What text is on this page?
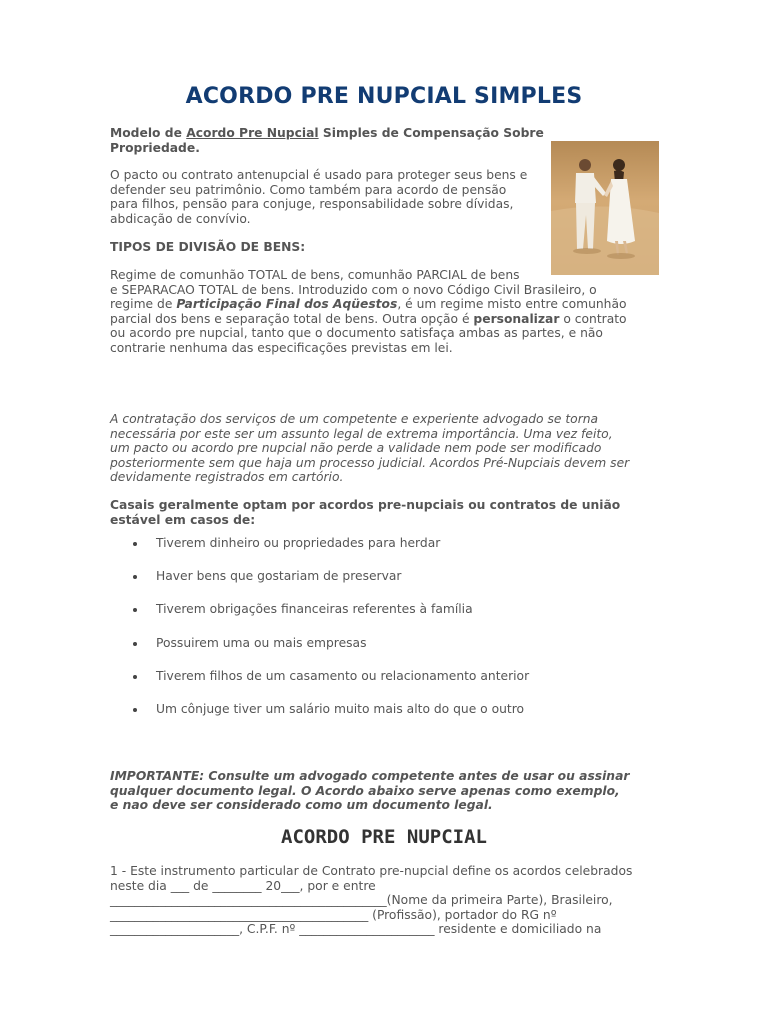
ACORDO PRE NUPCIAL SIMPLES
Modelo de Acordo Pre Nupcial Simples de Compensação Sobre
Propriedade.
O pacto ou contrato antenupcial é usado para proteger seus bens e
defender seu patrimônio. Como também para acordo de pensão
para filhos, pensão para conjuge, responsabilidade sobre dívidas,
abdicação de convívio.
TIPOS DE DIVISÃO DE BENS:
Regime de comunhão TOTAL de bens, comunhão PARCIAL de bens
e SEPARACAO TOTAL de bens. Introduzido com o novo Código Civil Brasileiro, o
regime de Participação Final dos Aqüestos, é um regime misto entre comunhão
parcial dos bens e separação total de bens. Outra opção é personalizar o contrato
ou acordo pre nupcial, tanto que o documento satisfaça ambas as partes, e não
contrarie nenhuma das especificações previstas em lei.
A contratação dos serviços de um competente e experiente advogado se torna
necessária por este ser um assunto legal de extrema importância. Uma vez feito,
um pacto ou acordo pre nupcial não perde a validade nem pode ser modificado
posteriormente sem que haja um processo judicial. Acordos Pré-Nupciais devem ser
devidamente registrados em cartório.
Casais geralmente optam por acordos pre-nupciais ou contratos de união
estável em casos de:
Tiverem dinheiro ou propriedades para herdar
Haver bens que gostariam de preservar
Tiverem obrigações financeiras referentes à família
Possuirem uma ou mais empresas
Tiverem filhos de um casamento ou relacionamento anterior
Um cônjuge tiver um salário muito mais alto do que o outro
IMPORTANTE: Consulte um advogado competente antes de usar ou assinar
qualquer documento legal. O Acordo abaixo serve apenas como exemplo,
e nao deve ser considerado como um documento legal.
ACORDO PRE NUPCIAL
1 - Este instrumento particular de Contrato pre-nupcial define os acordos celebrados
neste dia ___ de ________ 20___, por e entre
_____________________________________________(Nome da primeira Parte), Brasileiro,
__________________________________________ (Profissão), portador do RG nº
_____________________, C.P.F. nº ______________________ residente e domiciliado na
